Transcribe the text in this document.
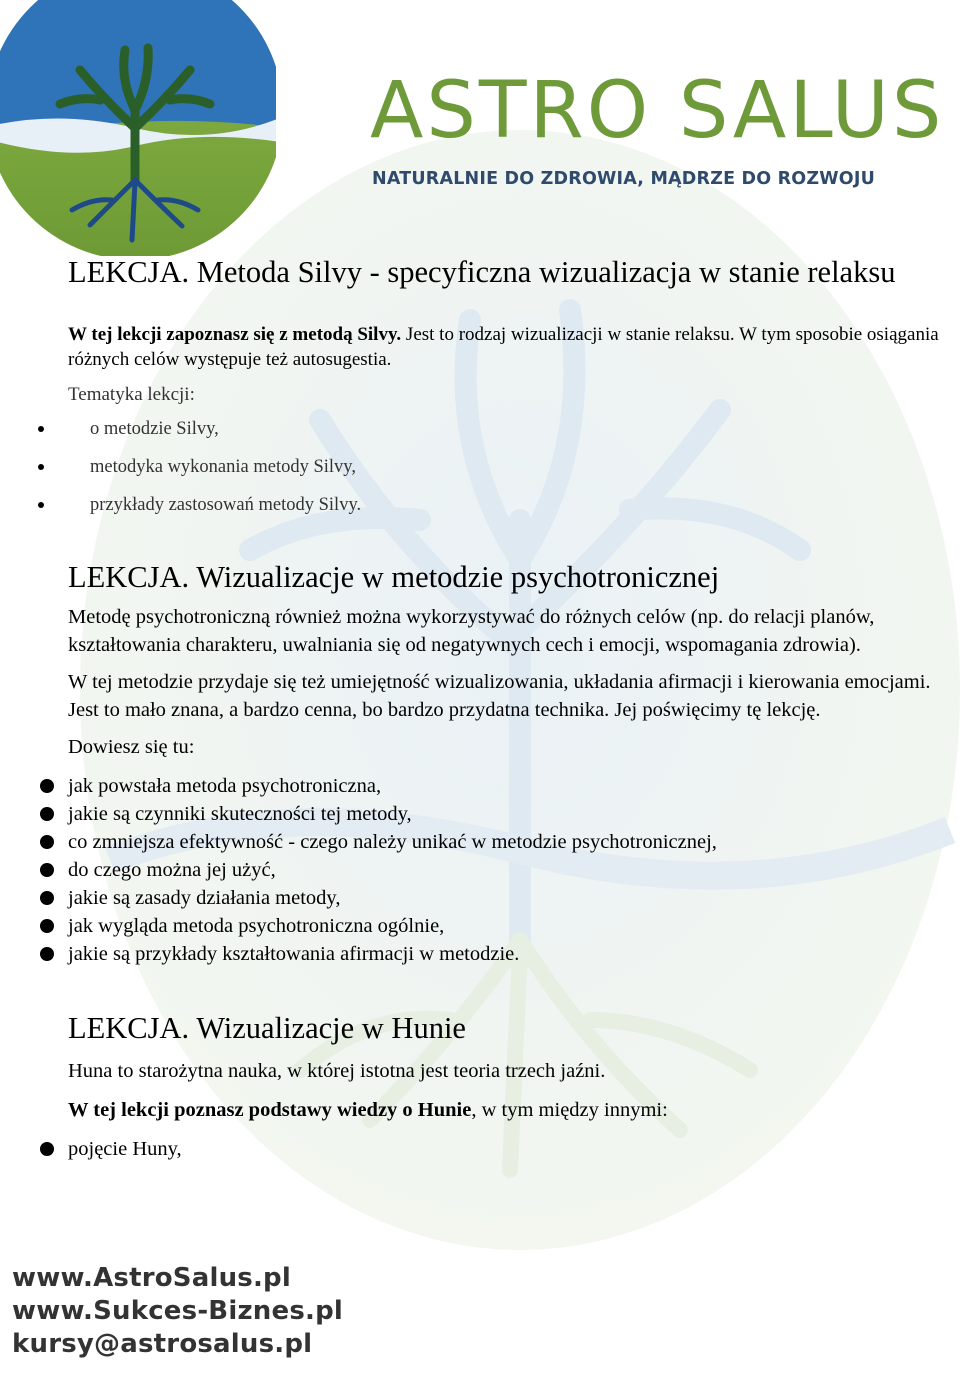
ASTRO SALUS
NATURALNIE DO ZDROWIA, MĄDRZE DO ROZWOJU
LEKCJA. Metoda Silvy - specyficzna wizualizacja w stanie relaksu

W tej lekcji zapoznasz się z metodą Silvy. Jest to rodzaj wizualizacji w stanie relaksu. W tym sposobie osiągania różnych celów występuje też autosugestia.

Tematyka lekcji:

o metodzie Silvy,
metodyka wykonania metody Silvy,
przykłady zastosowań metody Silvy.
LEKCJA. Wizualizacje w metodzie psychotronicznej

Metodę psychotroniczną również można wykorzystywać do różnych celów (np. do relacji planów, kształtowania charakteru, uwalniania się od negatywnych cech i emocji, wspomagania zdrowia).

W tej metodzie przydaje się też umiejętność wizualizowania, układania afirmacji i kierowania emocjami. Jest to mało znana, a bardzo cenna, bo bardzo przydatna technika. Jej poświęcimy tę lekcję.

Dowiesz się tu:

jak powstała metoda psychotroniczna,
jakie są czynniki skuteczności tej metody,
co zmniejsza efektywność - czego należy unikać w metodzie psychotronicznej,
do czego można jej użyć,
jakie są zasady działania metody,
jak wygląda metoda psychotroniczna ogólnie,
jakie są przykłady kształtowania afirmacji w metodzie.
LEKCJA. Wizualizacje w Hunie

Huna to starożytna nauka, w której istotna jest teoria trzech jaźni.

W tej lekcji poznasz podstawy wiedzy o Hunie, w tym między innymi:

pojęcie Huny,
www.AstroSalus.pl
www.Sukces-Biznes.pl
kursy@astrosalus.pl
